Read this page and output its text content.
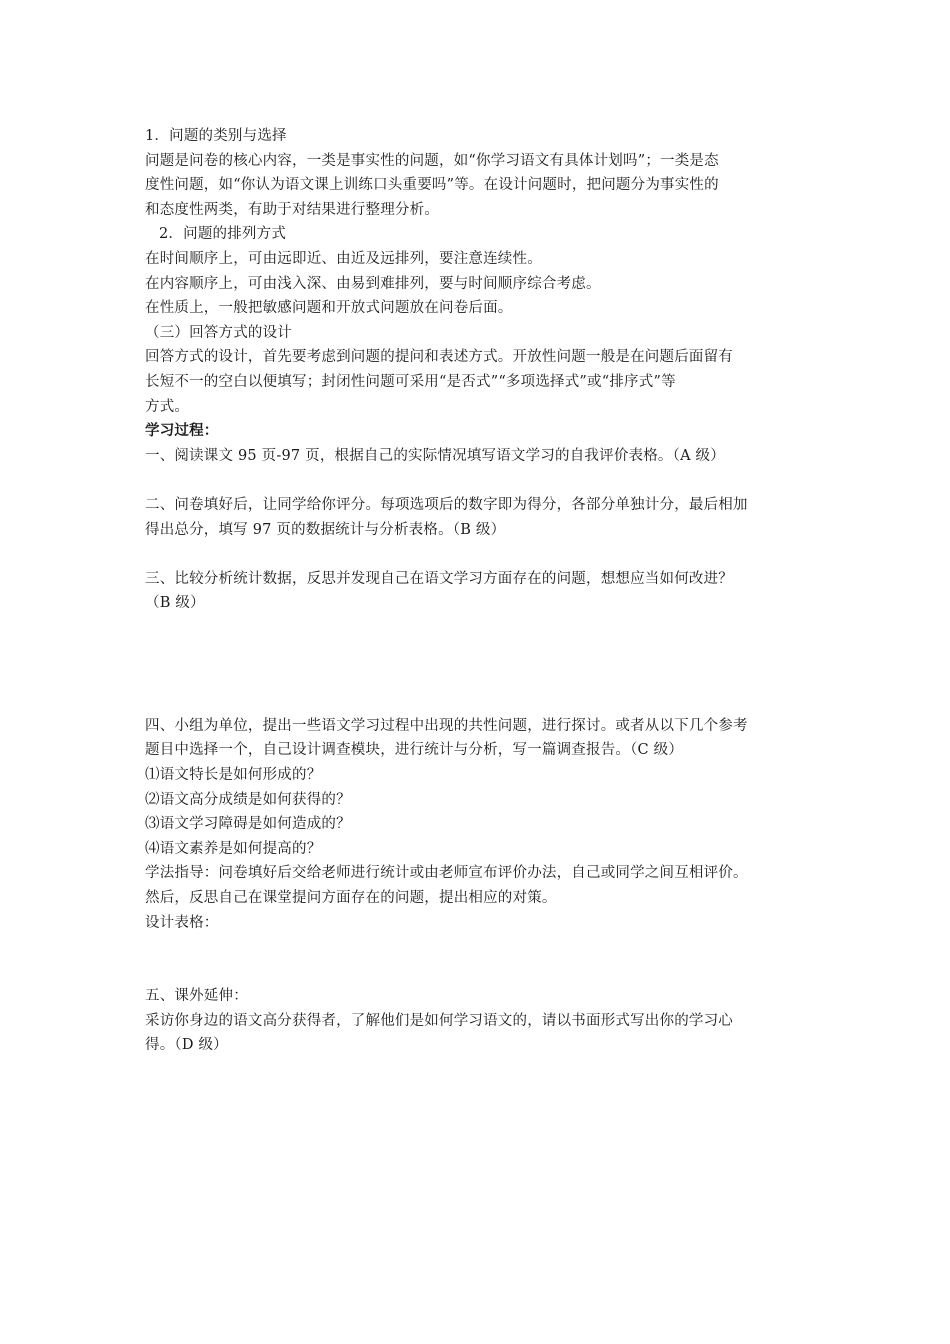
1．问题的类别与选择
问题是问卷的核心内容，一类是事实性的问题，如“你学习语文有具体计划吗”；一类是态
度性问题，如“你认为语文课上训练口头重要吗”等。在设计问题时，把问题分为事实性的
和态度性两类，有助于对结果进行整理分析。
2．问题的排列方式
在时间顺序上，可由远即近、由近及远排列，要注意连续性。
在内容顺序上，可由浅入深、由易到难排列，要与时间顺序综合考虑。
在性质上，一般把敏感问题和开放式问题放在问卷后面。
（三）回答方式的设计
回答方式的设计，首先要考虑到问题的提问和表述方式。开放性问题一般是在问题后面留有
长短不一的空白以便填写；封闭性问题可采用“是否式”“多项选择式”或“排序式”等
方式。
学习过程：
一、阅读课文 95 页-97 页，根据自己的实际情况填写语文学习的自我评价表格。（A 级）
二、问卷填好后，让同学给你评分。每项选项后的数字即为得分，各部分单独计分，最后相加
得出总分，填写 97 页的数据统计与分析表格。（B 级）
三、比较分析统计数据，反思并发现自己在语文学习方面存在的问题，想想应当如何改进？
（B 级）
四、小组为单位，提出一些语文学习过程中出现的共性问题，进行探讨。或者从以下几个参考
题目中选择一个，自己设计调查模块，进行统计与分析，写一篇调查报告。（C 级）
⑴语文特长是如何形成的？
⑵语文高分成绩是如何获得的？
⑶语文学习障碍是如何造成的？
⑷语文素养是如何提高的？
学法指导：问卷填好后交给老师进行统计或由老师宣布评价办法，自己或同学之间互相评价。
然后，反思自己在课堂提问方面存在的问题，提出相应的对策。
设计表格：
五、课外延伸：
采访你身边的语文高分获得者，了解他们是如何学习语文的，请以书面形式写出你的学习心
得。（D 级）
